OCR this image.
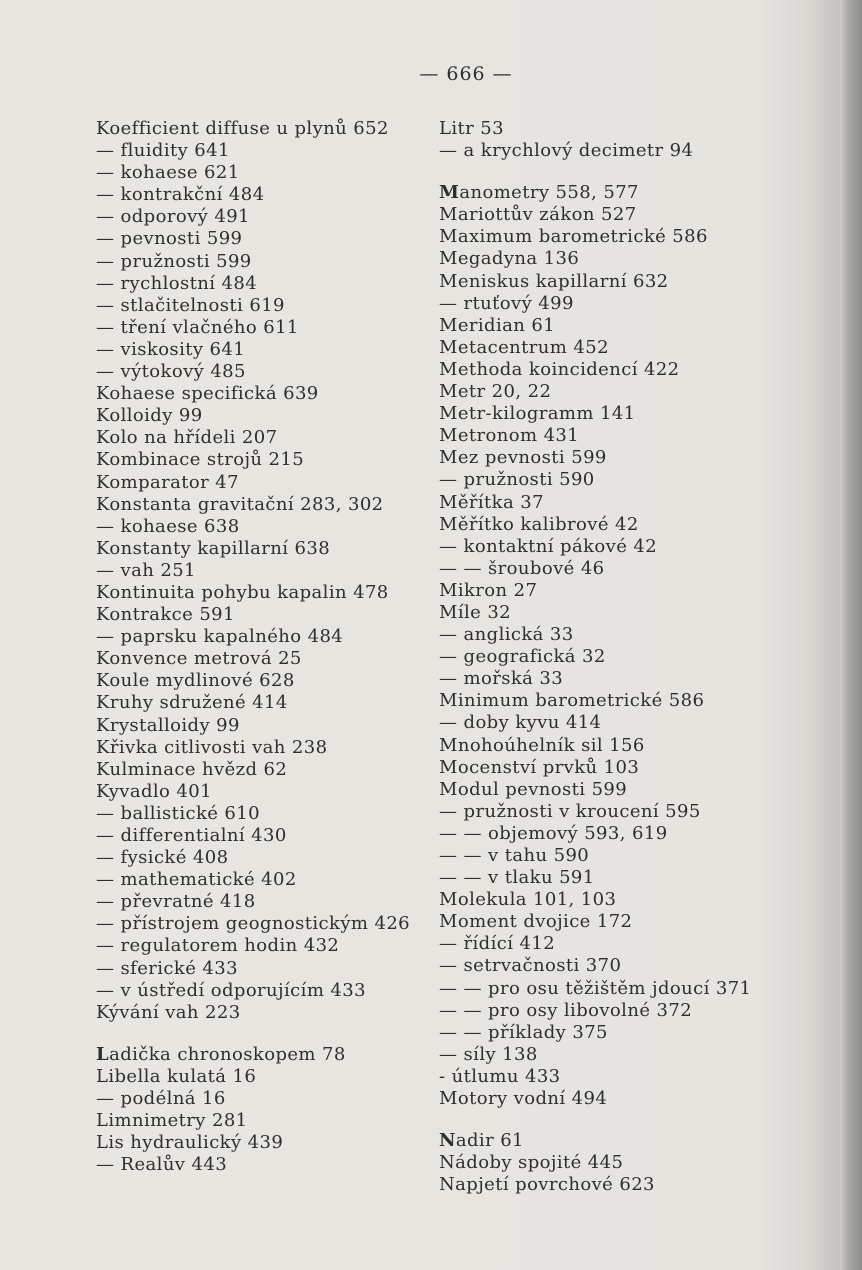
— 666 —
Koefficient diffuse u plynů 652
— fluidity 641
— kohaese 621
— kontrakční 484
— odporový 491
— pevnosti 599
— pružnosti 599
— rychlostní 484
— stlačitelnosti 619
— tření vlačného 611
— viskosity 641
— výtokový 485
Kohaese specifická 639
Kolloidy 99
Kolo na hřídeli 207
Kombinace strojů 215
Komparator 47
Konstanta gravitační 283, 302
— kohaese 638
Konstanty kapillarní 638
— vah 251
Kontinuita pohybu kapalin 478
Kontrakce 591
— paprsku kapalného 484
Konvence metrová 25
Koule mydlinové 628
Kruhy sdružené 414
Krystalloidy 99
Křivka citlivosti vah 238
Kulminace hvězd 62
Kyvadlo 401
— ballistické 610
— differentialní 430
— fysické 408
— mathematické 402
— převratné 418
— přístrojem geognostickým 426
— regulatorem hodin 432
— sferické 433
— v ústředí odporujícím 433
Kývání vah 223
Ladička chronoskopem 78
Libella kulatá 16
— podélná 16
Limnimetry 281
Lis hydraulický 439
— Realův 443
Litr 53
— a krychlový decimetr 94
Manometry 558, 577
Mariottův zákon 527
Maximum barometrické 586
Megadyna 136
Meniskus kapillarní 632
— rtuťový 499
Meridian 61
Metacentrum 452
Methoda koincidencí 422
Metr 20, 22
Metr-kilogramm 141
Metronom 431
Mez pevnosti 599
— pružnosti 590
Měřítka 37
Měřítko kalibrové 42
— kontaktní pákové 42
— — šroubové 46
Mikron 27
Míle 32
— anglická 33
— geografická 32
— mořská 33
Minimum barometrické 586
— doby kyvu 414
Mnohoúhelník sil 156
Mocenství prvků 103
Modul pevnosti 599
— pružnosti v kroucení 595
— — objemový 593, 619
— — v tahu 590
— — v tlaku 591
Molekula 101, 103
Moment dvojice 172
— řídící 412
— setrvačnosti 370
— — pro osu těžištěm jdoucí 371
— — pro osy libovolné 372
— — příklady 375
— síly 138
- útlumu 433
Motory vodní 494
Nadir 61
Nádoby spojité 445
Napjetí povrchové 623
